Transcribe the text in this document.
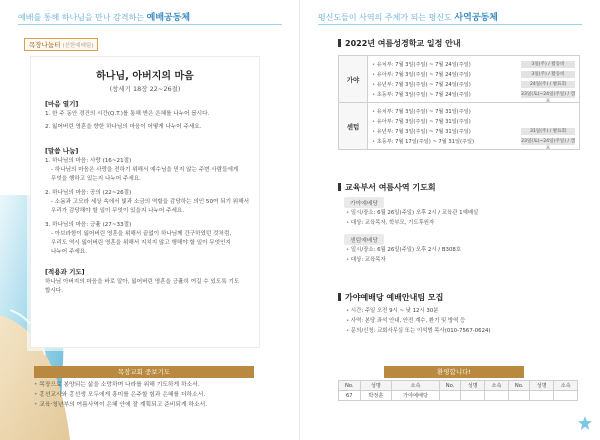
예배를 통해 하나님을 만나 감격하는 예배공동체
목장나눔터 (선한예배팀)
하나님, 아버지의 마음
(창세기 18장 22~26절)
[마음 열기]
1. 한 주 동안 경건의 시간(Q.T.)를 통해 받은 은혜를 나누어 봅시다.
2. 잃어버린 영혼을 향한 하나님의 마음이 어떻게 나누어 주세요.
[말씀 나눔]
1. 하나님의 마음: 사랑 (16~21절)
- 하나님의 마음은 사랑을 전하기 위해서 예수님을 믿지 않는 주변 사람들에게
무엇을 행하고 있는지 나누어 주세요.
2. 하나님의 마음: 공의 (22~26절)
- 소돔과 고모라 세상 속에서 빛과 소금의 역할을 감당하는 의인 50여 되기 위해서
우리가 감당해야 할 일이 무엇이 있을지 나누어 주세요.
3. 하나님의 마음: 긍휼 (27~33절)
- 아브라함이 잃어버린 영혼을 위해서 끝없이 하나님께 간구하였던 것처럼,
우리도 역시 잃어버린 영혼을 위해서 지치지 않고 행해야 할 일이 무엇인지
나누어 주세요.
[적용과 기도]
하나님 아버지의 마음을 바로 알아, 잃어버린 영혼을 긍휼히 여길 수 있도록 기도
합시다.
목장교회 중보기도
• 목장으로 봉양되는 삶을 소망하며 나라를 위해 기도하게 하소서.
• 홍선교사와 홍선생 모두에게 흥미를 은주할 힘과 은혜를 더하소서.
• 교육·청년부의 여름사역이 은혜 안에 잘 계획되고 준비되게 하소서.
평신도들이 사역의 주체가 되는 평신도 사역공동체
2022년 여름성경학교 일정 안내
가야
• 유치부: 7월 3일(주일) ~ 7월 24일(주일)	3일(주) / 활동비
• 유아부: 7월 3일(주일) ~ 7월 24일(주일)	3일(주) / 활동비
• 유년부: 7월 3일(주일) ~ 7월 24일(주일)	24일(주) / 발표회
• 초등부: 7월 3일(주일) ~ 7월 24일(주일)	23일(토)~24일(주일) / 캠프
센텀
• 유치부: 7월 3일(주일) ~ 7월 31일(주일)
• 유아부: 7월 3일(주일) ~ 7월 31일(주일)
• 유년부: 7월 3일(주일) ~ 7월 31일(주일)	31일(주) / 발표회
• 초등부: 7월 17일(주일) ~ 7월 31일(주일)	23일(토)~24일(주일) / 캠프
교육부서 여름사역 기도회
가야예배당
• 일시/장소: 6월 26일(주일) 오후 2시 / 교육관 1예배실
• 대상: 교육목자, 학부모, 기도후원자
센텀예배당
• 일시/장소: 6월 26일(주일) 오후 2시 / B308호
• 대상: 교육목자
가야예배당 예배안내팀 모집
• 시간: 주일 오전 9시 ~ 낮 12시 30분
• 사역: 본당 좌석 안내, 안전 계수, 환기 및 방역 등
• 문의/신청: 교회사무실 또는 이석범 목사(010-7567-0624)
환영합니다!
No.	성명	소속	No.	성명	소속	No.	성명	소속
67	박정훈	가야예배당						
